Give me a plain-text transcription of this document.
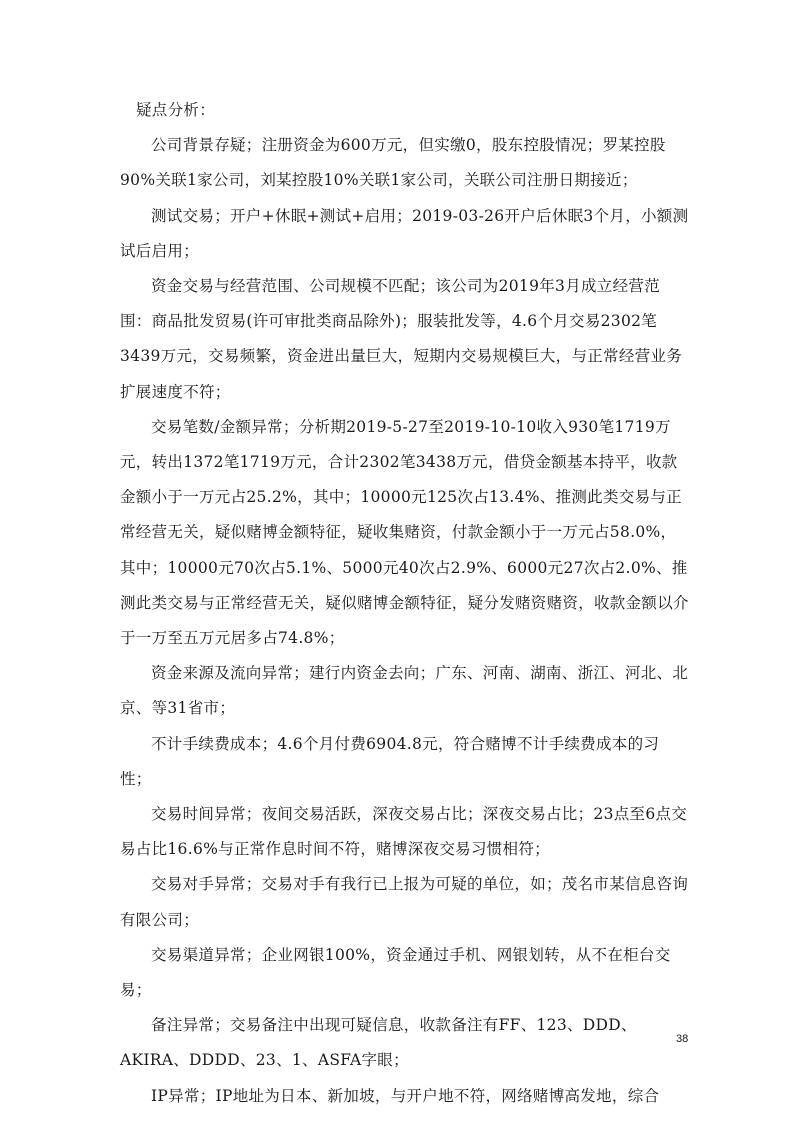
疑点分析：

公司背景存疑；注册资金为600万元，但实缴0，股东控股情况；罗某控股90%关联1家公司，刘某控股10%关联1家公司，关联公司注册日期接近；

测试交易；开户+休眠+测试+启用；2019-03-26开户后休眠3个月，小额测试后启用；

资金交易与经营范围、公司规模不匹配；该公司为2019年3月成立经营范围：商品批发贸易(许可审批类商品除外)；服装批发等，4.6个月交易2302笔3439万元，交易频繁，资金进出量巨大，短期内交易规模巨大，与正常经营业务扩展速度不符；

交易笔数/金额异常；分析期2019-5-27至2019-10-10收入930笔1719万元，转出1372笔1719万元，合计2302笔3438万元，借贷金额基本持平，收款金额小于一万元占25.2%，其中；10000元125次占13.4%、推测此类交易与正常经营无关，疑似赌博金额特征，疑收集赌资，付款金额小于一万元占58.0%，其中；10000元70次占5.1%、5000元40次占2.9%、6000元27次占2.0%、推测此类交易与正常经营无关，疑似赌博金额特征，疑分发赌资赌资，收款金额以介于一万至五万元居多占74.8%；

资金来源及流向异常；建行内资金去向；广东、河南、湖南、浙江、河北、北京、等31省市；

不计手续费成本；4.6个月付费6904.8元，符合赌博不计手续费成本的习性；

交易时间异常；夜间交易活跃，深夜交易占比；深夜交易占比；23点至6点交易占比16.6%与正常作息时间不符，赌博深夜交易习惯相符；

交易对手异常；交易对手有我行已上报为可疑的单位，如；茂名市某信息咨询有限公司；

交易渠道异常；企业网银100%，资金通过手机、网银划转，从不在柜台交易；

备注异常；交易备注中出现可疑信息，收款备注有FF、123、DDD、AKIRA、DDDD、23、1、ASFA字眼；

IP异常；IP地址为日本、新加坡，与开户地不符，网络赌博高发地，综合

38
